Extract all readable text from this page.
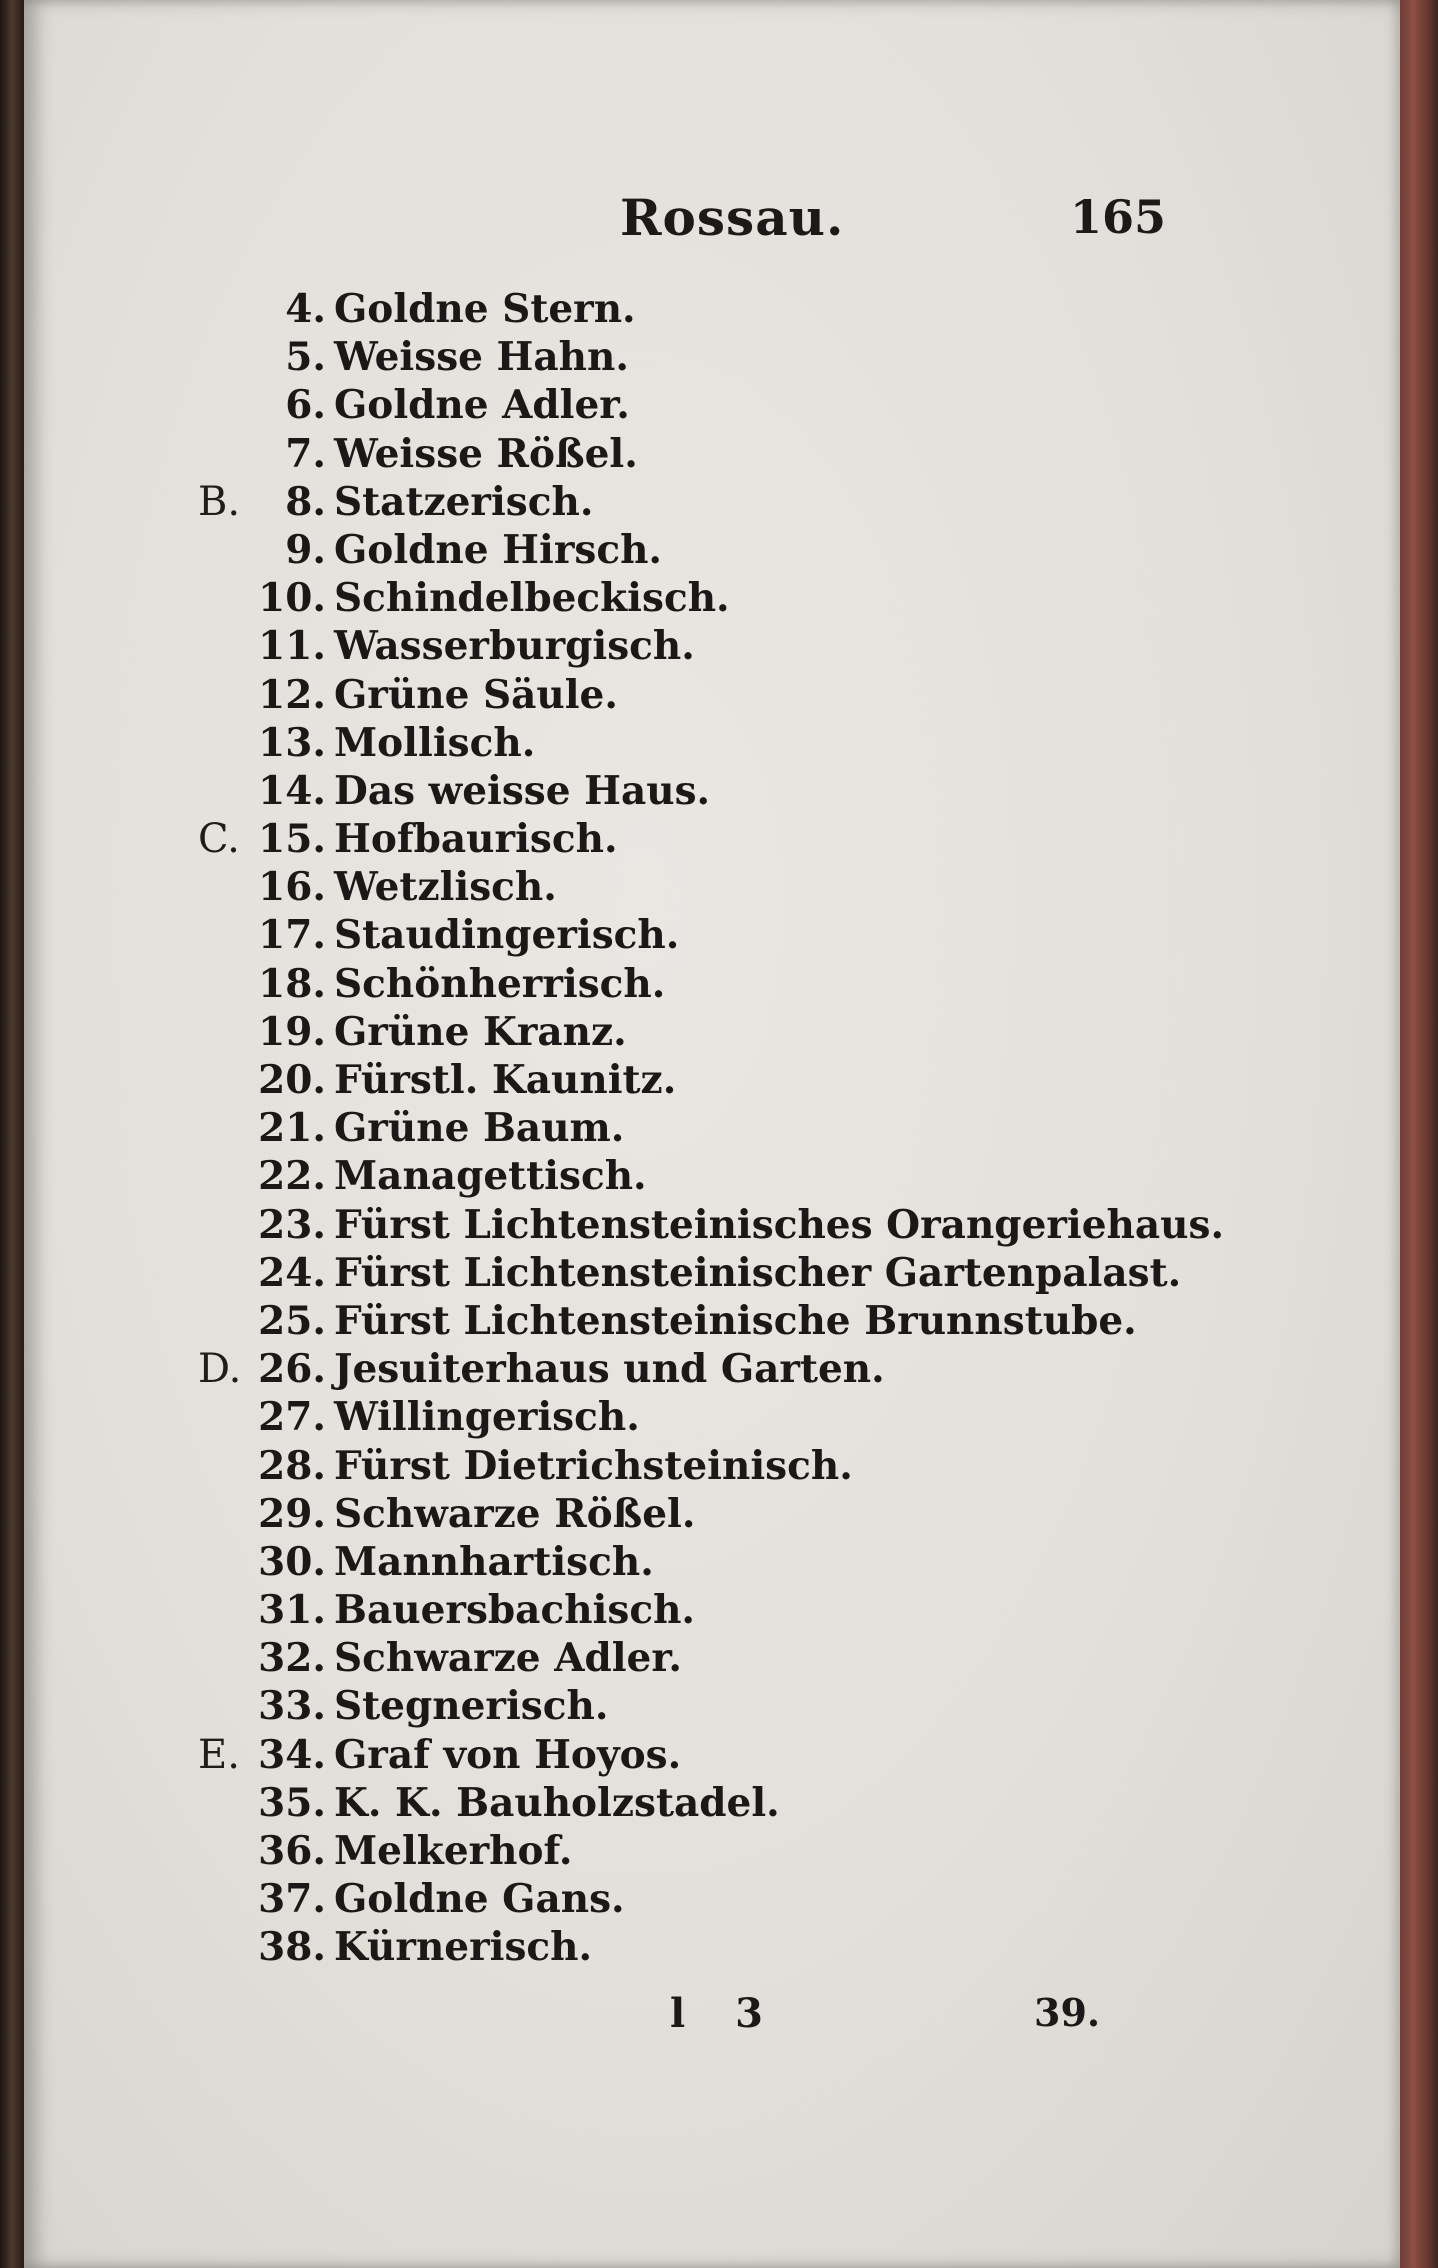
Rossau.	165
4. Goldne Stern.
5. Weisse Hahn.
6. Goldne Adler.
7. Weisse Rößel.
B. 8. Statzerisch.
9. Goldne Hirsch.
10. Schindelbeckisch.
11. Wasserburgisch.
12. Grüne Säule.
13. Mollisch.
14. Das weisse Haus.
C. 15. Hofbaurisch.
16. Wetzlisch.
17. Staudingerisch.
18. Schönherrisch.
19. Grüne Kranz.
20. Fürstl. Kaunitz.
21. Grüne Baum.
22. Managettisch.
23. Fürst Lichtensteinisches Orangeriehaus.
24. Fürst Lichtensteinischer Gartenpalast.
25. Fürst Lichtensteinische Brunnstube.
D. 26. Jesuiterhaus und Garten.
27. Willingerisch.
28. Fürst Dietrichsteinisch.
29. Schwarze Rößel.
30. Mannhartisch.
31. Bauersbachisch.
32. Schwarze Adler.
33. Stegnerisch.
E. 34. Graf von Hoyos.
35. K. K. Bauholzstadel.
36. Melkerhof.
37. Goldne Gans.
38. Kürnerisch.
l 3	39.
